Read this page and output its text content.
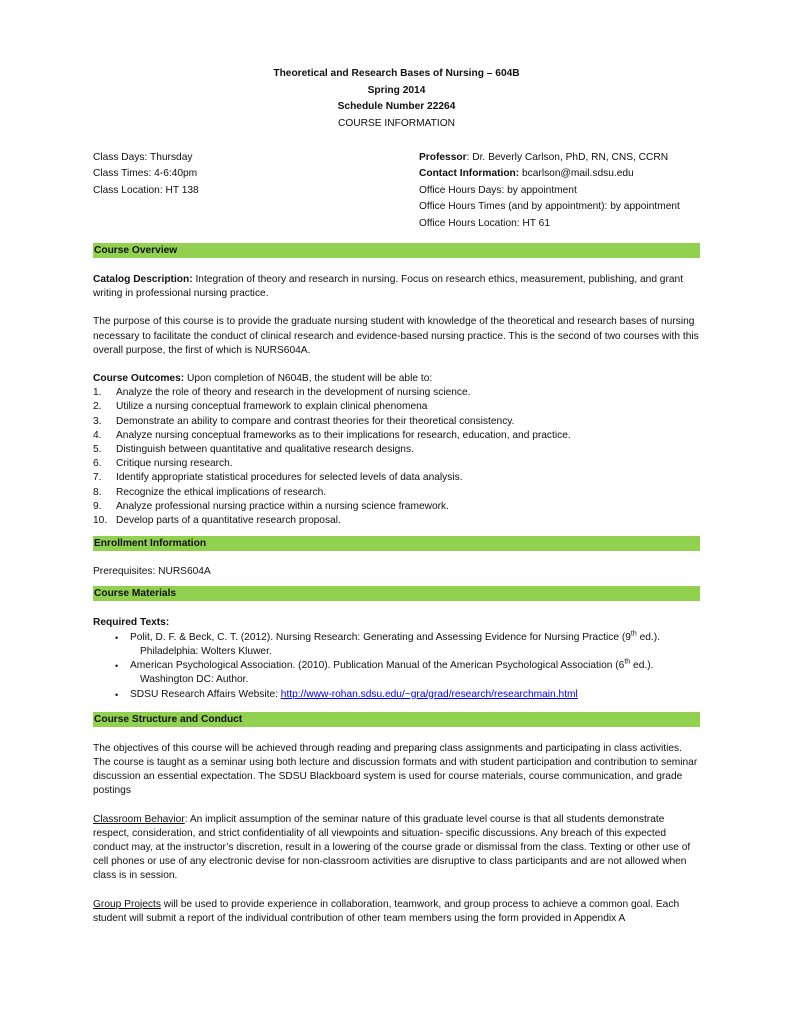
Theoretical and Research Bases of Nursing – 604B
Spring 2014
Schedule Number 22264
COURSE INFORMATION
Class Days: Thursday
Class Times: 4-6:40pm
Class Location: HT 138
Professor: Dr. Beverly Carlson, PhD, RN, CNS, CCRN
Contact Information: bcarlson@mail.sdsu.edu
Office Hours Days: by appointment
Office Hours Times (and by appointment): by appointment
Office Hours Location: HT 61
Course Overview

Catalog Description: Integration of theory and research in nursing. Focus on research ethics, measurement, publishing, and grant writing in professional nursing practice.

The purpose of this course is to provide the graduate nursing student with knowledge of the theoretical and research bases of nursing necessary to facilitate the conduct of clinical research and evidence-based nursing practice. This is the second of two courses with this overall purpose, the first of which is NURS604A.

Course Outcomes: Upon completion of N604B, the student will be able to:

1.	Analyze the role of theory and research in the development of nursing science.
2.	Utilize a nursing conceptual framework to explain clinical phenomena
3.	Demonstrate an ability to compare and contrast theories for their theoretical consistency.
4.	Analyze nursing conceptual frameworks as to their implications for research, education, and practice.
5.	Distinguish between quantitative and qualitative research designs.
6.	Critique nursing research.
7.	Identify appropriate statistical procedures for selected levels of data analysis.
8.	Recognize the ethical implications of research.
9.	Analyze professional nursing practice within a nursing science framework.
10. Develop parts of a quantitative research proposal.
Enrollment Information

Prerequisites: NURS604A

Course Materials

Required Texts:

• Polit, D. F. & Beck, C. T. (2012). Nursing Research: Generating and Assessing Evidence for Nursing Practice (9th ed.).
Philadelphia: Wolters Kluwer.
• American Psychological Association. (2010). Publication Manual of the American Psychological Association (6th ed.).
Washington DC: Author.
• SDSU Research Affairs Website: http://www-rohan.sdsu.edu/~gra/grad/research/researchmain.html
Course Structure and Conduct

The objectives of this course will be achieved through reading and preparing class assignments and participating in class activities. The course is taught as a seminar using both lecture and discussion formats and with student participation and contribution to seminar discussion an essential expectation. The SDSU Blackboard system is used for course materials, course communication, and grade postings

Classroom Behavior: An implicit assumption of the seminar nature of this graduate level course is that all students demonstrate respect, consideration, and strict confidentiality of all viewpoints and situation- specific discussions. Any breach of this expected conduct may, at the instructor’s discretion, result in a lowering of the course grade or dismissal from the class. Texting or other use of cell phones or use of any electronic devise for non-classroom activities are disruptive to class participants and are not allowed when class is in session.

Group Projects will be used to provide experience in collaboration, teamwork, and group process to achieve a common goal. Each student will submit a report of the individual contribution of other team members using the form provided in Appendix A
